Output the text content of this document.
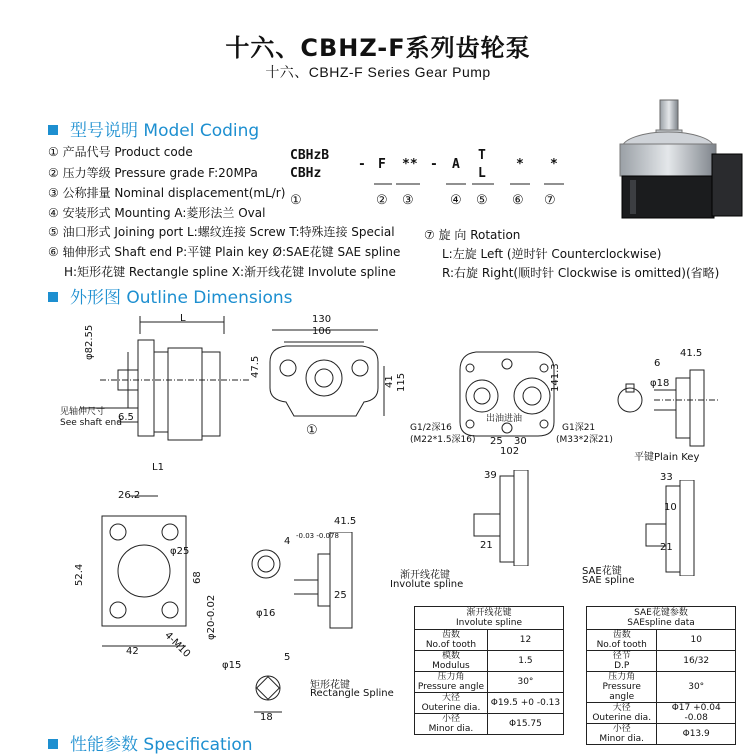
十六、CBHZ-F系列齿轮泵
十六、CBHZ-F Series Gear Pump
型号说明 Model Coding
① 产品代号 Product code
② 压力等级 Pressure grade F:20MPa
③ 公称排量 Nominal displacement(mL/r)
④ 安装形式 Mounting A:菱形法兰 Oval
⑤ 油口形式 Joining port L:螺纹连接 Screw T:特殊连接 Special
⑥ 轴伸形式 Shaft end P:平键 Plain key Ø:SAE花键 SAE spline
H:矩形花键 Rectangle spline X:渐开线花键 Involute spline
CBHzB
CBHz
- F ** - A
T
L
* *
①	② ③	④ ⑤ ⑥ ⑦
⑦ 旋 向 Rotation
L:左旋 Left (逆时针 Counterclockwise)
R:右旋 Right(顺时针 Clockwise is omitted)(省略)
外形图 Outline Dimensions
L
φ82.55
见轴伸尺寸
See shaft end
6.5
130
106
47.5
41 115
①
141.3
G1/2深16
(M22*1.5深16)
出油进油
G1深21
(M33*2深21)
25 30
102
6
41.5
φ18
平键Plain Key
L1
26.2
φ25
52.4	68
42 4-M10
4 -0.03 -0.078
φ16
φ20-0.02
41.5
25
渐开线花键
Involute spline
39
21
33
10
21
SAE花键
SAE spline
φ15
5
18
矩形花键
Rectangle Spline
渐开线花键
Involute spline	

齿数
No.of tooth	12

模数
Modulus	1.5

压力角
Pressure angle	30°

大径
Outerine dia.	Φ19.5 +0 -0.13

小径
Minor dia.	Φ15.75
SAE花键参数
SAEspline data	

齿数
No.of tooth	10

径节
D.P	16/32

压力角
Pressure angle	30°

大径
Outerine dia.	Φ17 +0.04 -0.08

小径
Minor dia.	Φ13.9
性能参数 Specification
